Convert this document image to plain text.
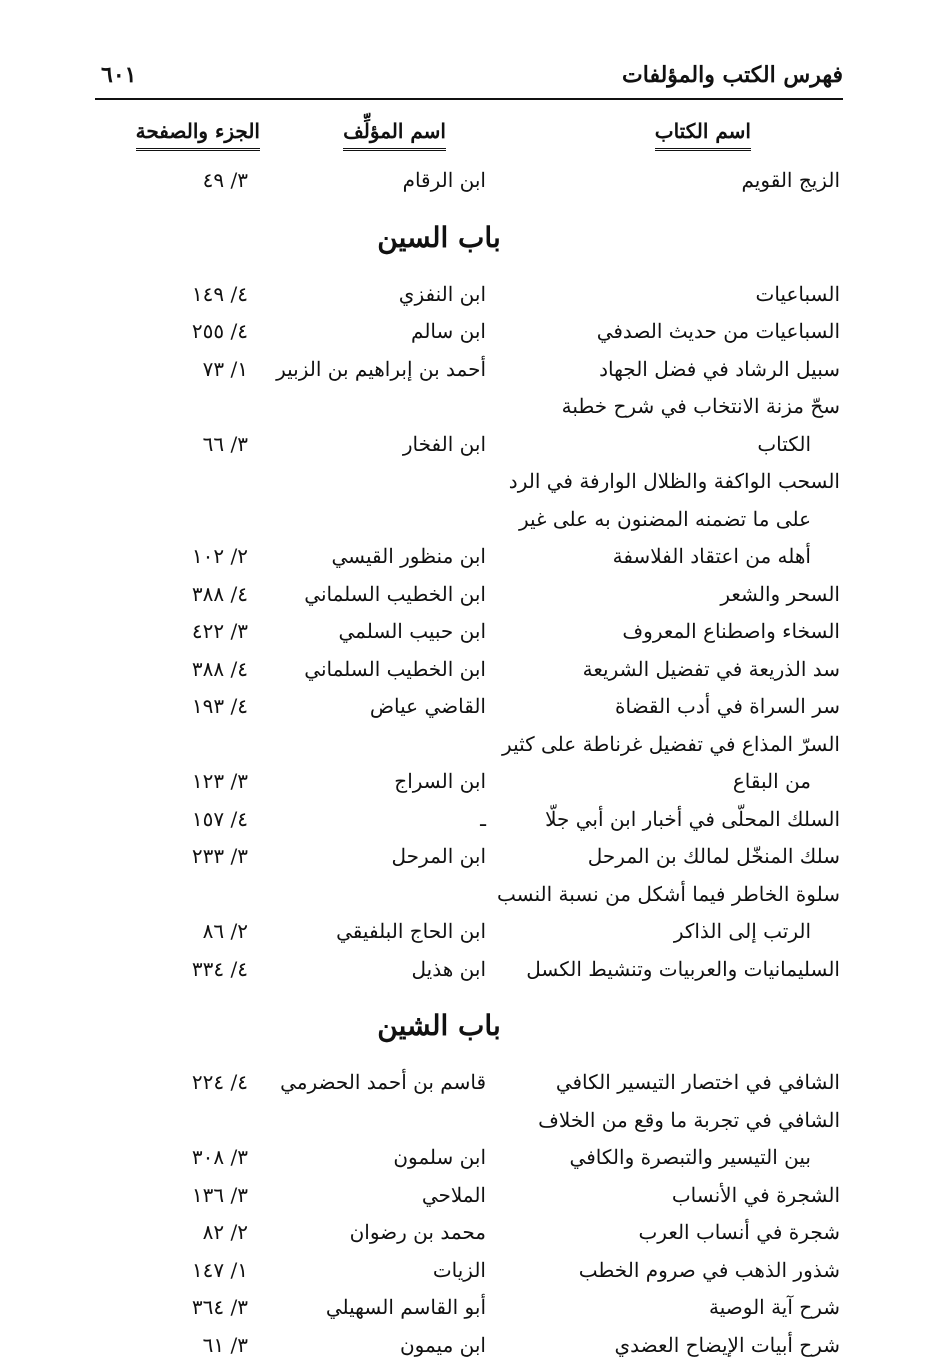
فهرس الكتب والمؤلفات
٦٠١
اسم الكتاب
اسم المؤلِّف
الجزء والصفحة
الزيج القويم
ابن الرقام
٣/ ٤٩
باب السين
السباعيات
ابن النفزي
٤/ ١٤٩
السباعيات من حديث الصدفي
ابن سالم
٤/ ٢٥٥
سبيل الرشاد في فضل الجهاد
أحمد بن إبراهيم بن الزبير
١/ ٧٣
سحّ مزنة الانتخاب في شرح خطبة
الكتاب
ابن الفخار
٣/ ٦٦
السحب الواكفة والظلال الوارفة في الرد
على ما تضمنه المضنون به على غير
أهله من اعتقاد الفلاسفة
ابن منظور القيسي
٢/ ١٠٢
السحر والشعر
ابن الخطيب السلماني
٤/ ٣٨٨
السخاء واصطناع المعروف
ابن حبيب السلمي
٣/ ٤٢٢
سد الذريعة في تفضيل الشريعة
ابن الخطيب السلماني
٤/ ٣٨٨
سر السراة في أدب القضاة
القاضي عياض
٤/ ١٩٣
السرّ المذاع في تفضيل غرناطة على كثير
من البقاع
ابن السراج
٣/ ١٢٣
السلك المحلّى في أخبار ابن أبي جلّا
ـ
٤/ ١٥٧
سلك المنخّل لمالك بن المرحل
ابن المرحل
٣/ ٢٣٣
سلوة الخاطر فيما أشكل من نسبة النسب
الرتب إلى الذاكر
ابن الحاج البلفيقي
٢/ ٨٦
السليمانيات والعربيات وتنشيط الكسل
ابن هذيل
٤/ ٣٣٤
باب الشين
الشافي في اختصار التيسير الكافي
قاسم بن أحمد الحضرمي
٤/ ٢٢٤
الشافي في تجربة ما وقع من الخلاف
بين التيسير والتبصرة والكافي
ابن سلمون
٣/ ٣٠٨
الشجرة في الأنساب
الملاحي
٣/ ١٣٦
شجرة في أنساب العرب
محمد بن رضوان
٢/ ٨٢
شذور الذهب في صروم الخطب
الزيات
١/ ١٤٧
شرح آية الوصية
أبو القاسم السهيلي
٣/ ٣٦٤
شرح أبيات الإيضاح العضدي
ابن ميمون
٣/ ٦١
